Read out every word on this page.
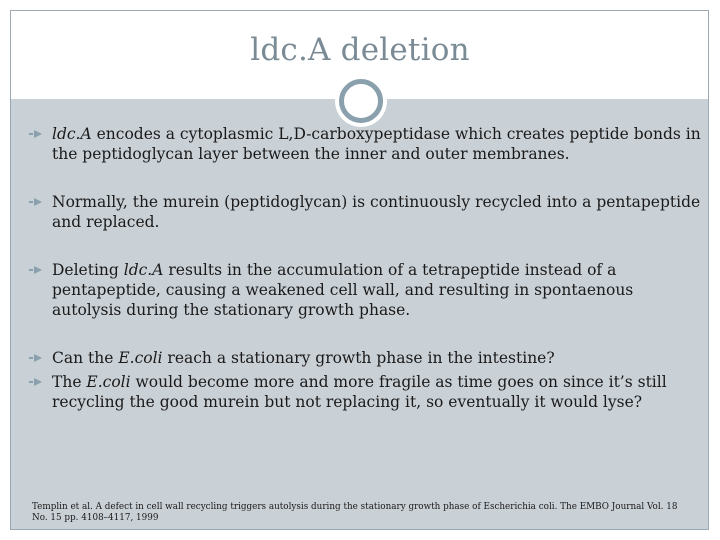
ldc.A deletion
ldc.A encodes a cytoplasmic L,D-carboxypeptidase which creates peptide bonds in the peptidoglycan layer between the inner and outer membranes.
Normally, the murein (peptidoglycan) is continuously recycled into a pentapeptide and replaced.
Deleting ldc.A results in the accumulation of a tetrapeptide instead of a pentapeptide, causing a weakened cell wall, and resulting in spontaenous autolysis during the stationary growth phase.
Can the E.coli reach a stationary growth phase in the intestine?
The E.coli would become more and more fragile as time goes on since it’s still recycling the good murein but not replacing it, so eventually it would lyse?
Templin et al. A defect in cell wall recycling triggers autolysis during the stationary growth phase of Escherichia coli. The EMBO Journal Vol. 18 No. 15 pp. 4108–4117, 1999
